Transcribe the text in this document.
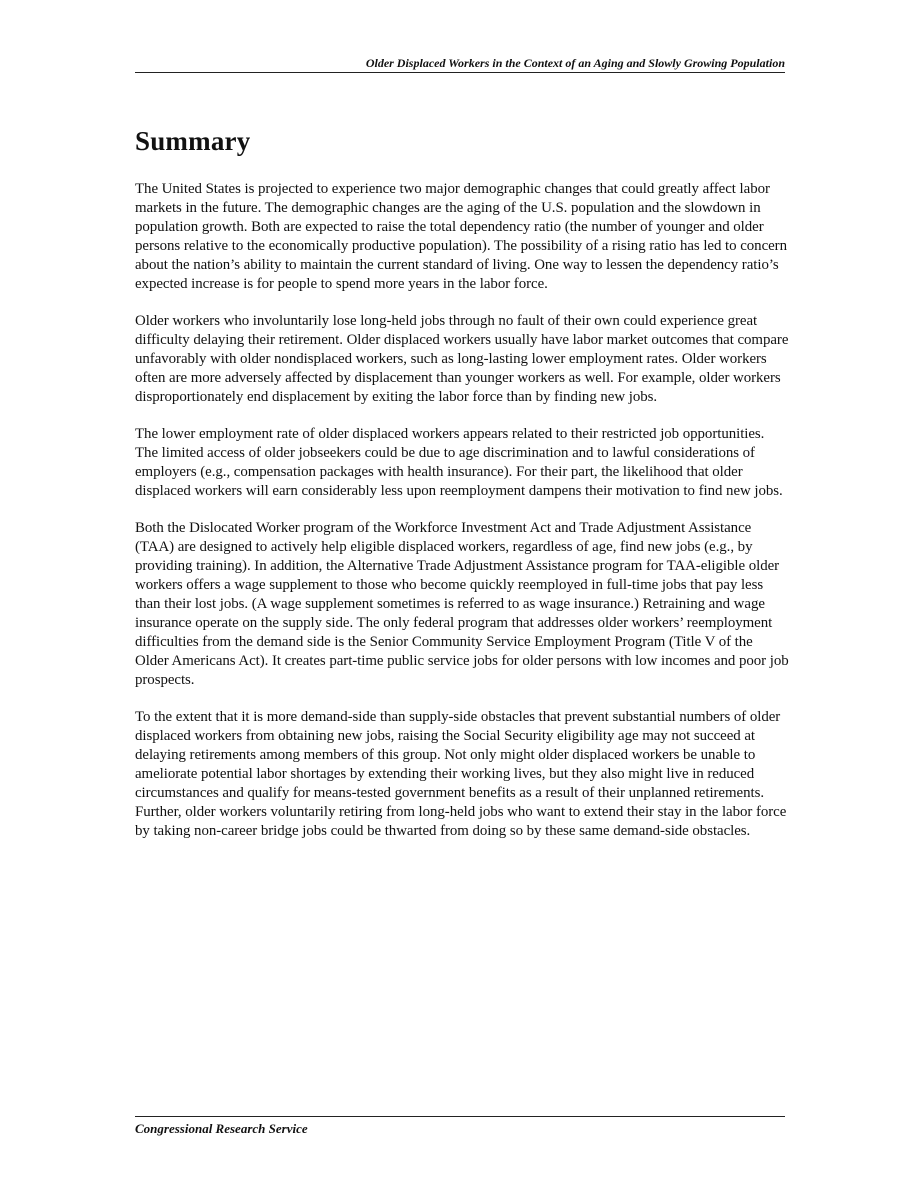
Older Displaced Workers in the Context of an Aging and Slowly Growing Population
Summary

The United States is projected to experience two major demographic changes that could greatly affect labor markets in the future. The demographic changes are the aging of the U.S. population and the slowdown in population growth. Both are expected to raise the total dependency ratio (the number of younger and older persons relative to the economically productive population). The possibility of a rising ratio has led to concern about the nation’s ability to maintain the current standard of living. One way to lessen the dependency ratio’s expected increase is for people to spend more years in the labor force.

Older workers who involuntarily lose long-held jobs through no fault of their own could experience great difficulty delaying their retirement. Older displaced workers usually have labor market outcomes that compare unfavorably with older nondisplaced workers, such as long-lasting lower employment rates. Older workers often are more adversely affected by displacement than younger workers as well. For example, older workers disproportionately end displacement by exiting the labor force than by finding new jobs.

The lower employment rate of older displaced workers appears related to their restricted job opportunities. The limited access of older jobseekers could be due to age discrimination and to lawful considerations of employers (e.g., compensation packages with health insurance). For their part, the likelihood that older displaced workers will earn considerably less upon reemployment dampens their motivation to find new jobs.

Both the Dislocated Worker program of the Workforce Investment Act and Trade Adjustment Assistance (TAA) are designed to actively help eligible displaced workers, regardless of age, find new jobs (e.g., by providing training). In addition, the Alternative Trade Adjustment Assistance program for TAA-eligible older workers offers a wage supplement to those who become quickly reemployed in full-time jobs that pay less than their lost jobs. (A wage supplement sometimes is referred to as wage insurance.) Retraining and wage insurance operate on the supply side. The only federal program that addresses older workers’ reemployment difficulties from the demand side is the Senior Community Service Employment Program (Title V of the Older Americans Act). It creates part-time public service jobs for older persons with low incomes and poor job prospects.

To the extent that it is more demand-side than supply-side obstacles that prevent substantial numbers of older displaced workers from obtaining new jobs, raising the Social Security eligibility age may not succeed at delaying retirements among members of this group. Not only might older displaced workers be unable to ameliorate potential labor shortages by extending their working lives, but they also might live in reduced circumstances and qualify for means-tested government benefits as a result of their unplanned retirements. Further, older workers voluntarily retiring from long-held jobs who want to extend their stay in the labor force by taking non-career bridge jobs could be thwarted from doing so by these same demand-side obstacles.

Congressional Research Service
